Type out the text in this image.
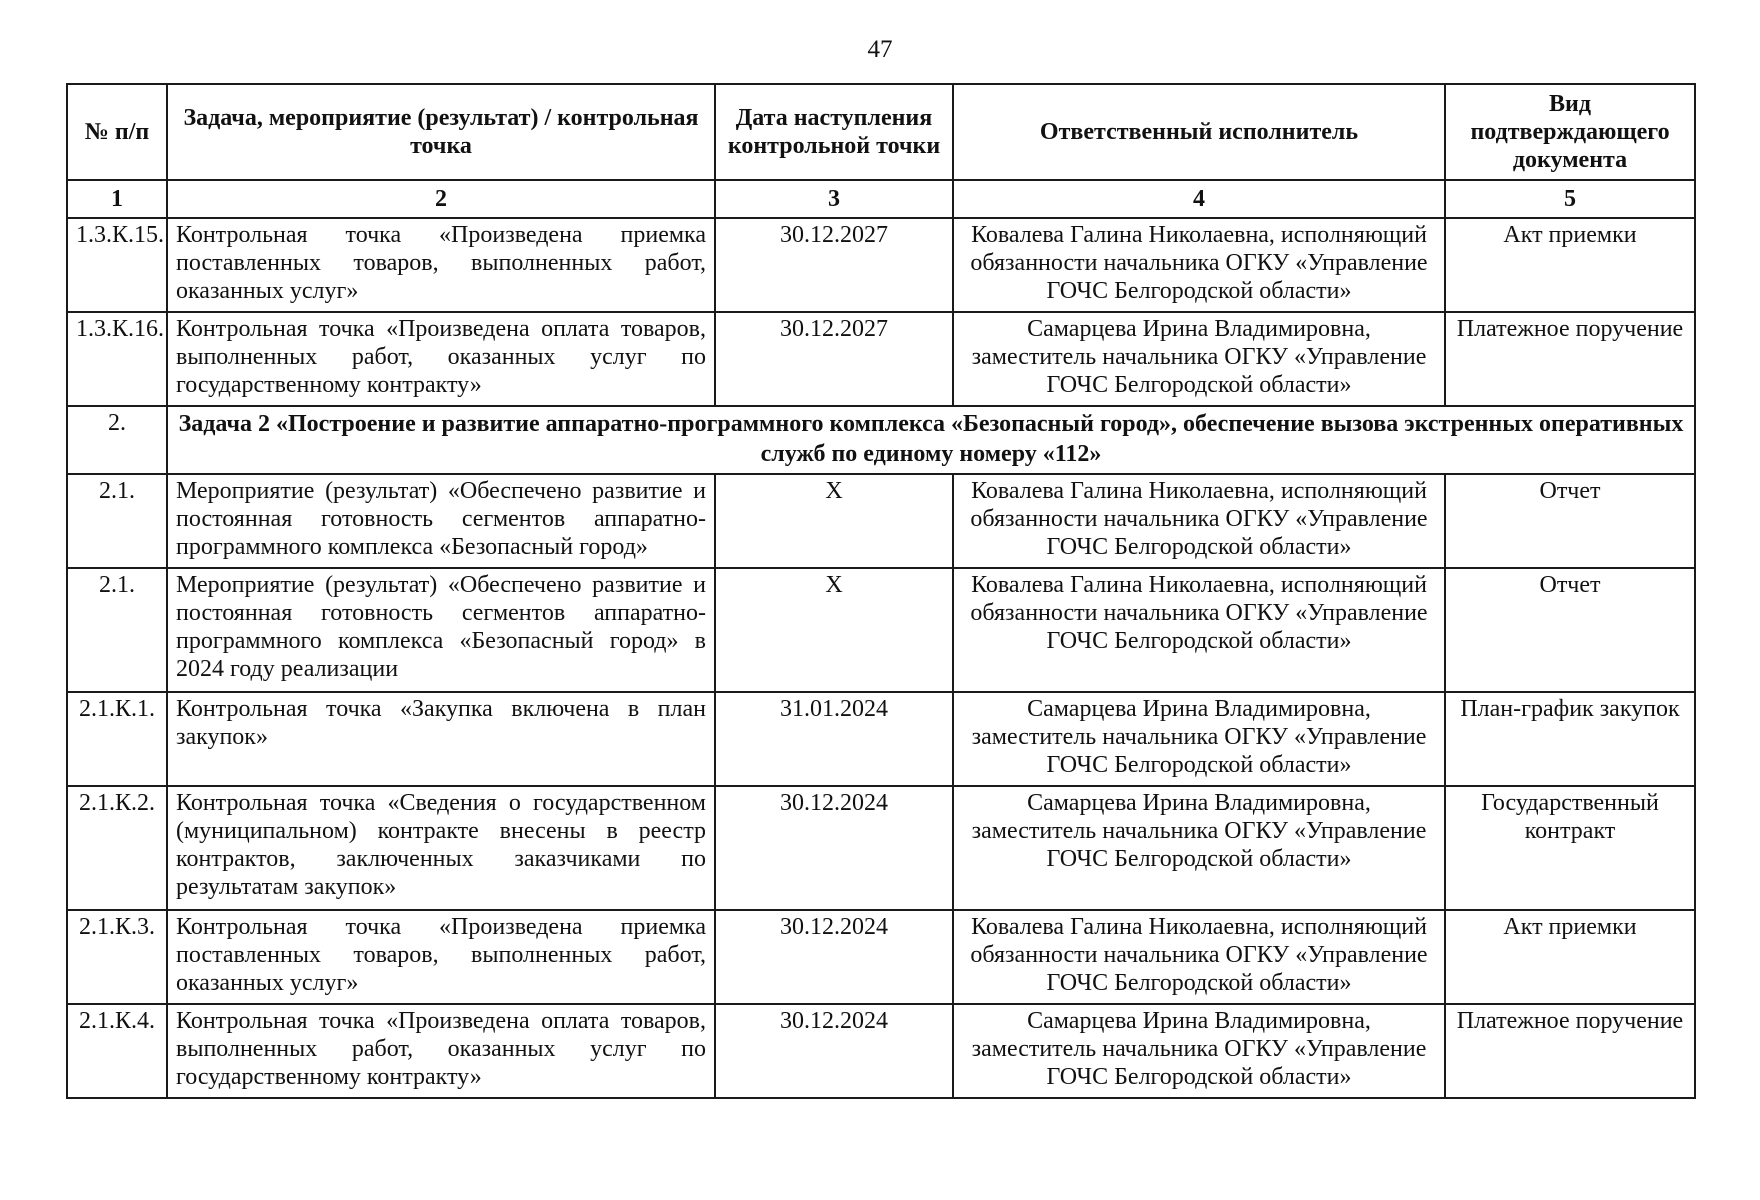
47
№ п/п	Задача, мероприятие (результат) / контрольная точка	Дата наступления контрольной точки	Ответственный исполнитель	Вид подтверждающего документа
1	2	3	4	5
1.3.К.15.	Контрольная точка «Произведена приемка поставленных товаров, выполненных работ, оказанных услуг»	30.12.2027	Ковалева Галина Николаевна, исполняющий обязанности начальника ОГКУ «Управление ГОЧС Белгородской области»	Акт приемки
1.3.К.16.	Контрольная точка «Произведена оплата товаров, выполненных работ, оказанных услуг по государственному контракту»	30.12.2027	Самарцева Ирина Владимировна, заместитель начальника ОГКУ «Управление ГОЧС Белгородской области»	Платежное поручение
2.	Задача 2 «Построение и развитие аппаратно-программного комплекса «Безопасный город», обеспечение вызова экстренных оперативных служб по единому номеру «112»			
2.1.	Мероприятие (результат) «Обеспечено развитие и постоянная готовность сегментов аппаратно-программного комплекса «Безопасный город»	X	Ковалева Галина Николаевна, исполняющий обязанности начальника ОГКУ «Управление ГОЧС Белгородской области»	Отчет
2.1.	Мероприятие (результат) «Обеспечено развитие и постоянная готовность сегментов аппаратно-программного комплекса «Безопасный город» в 2024 году реализации	X	Ковалева Галина Николаевна, исполняющий обязанности начальника ОГКУ «Управление ГОЧС Белгородской области»	Отчет
2.1.К.1.	Контрольная точка «Закупка включена в план закупок»	31.01.2024	Самарцева Ирина Владимировна, заместитель начальника ОГКУ «Управление ГОЧС Белгородской области»	План-график закупок
2.1.К.2.	Контрольная точка «Сведения о государственном (муниципальном) контракте внесены в реестр контрактов, заключенных заказчиками по результатам закупок»	30.12.2024	Самарцева Ирина Владимировна, заместитель начальника ОГКУ «Управление ГОЧС Белгородской области»	Государственный контракт
2.1.К.3.	Контрольная точка «Произведена приемка поставленных товаров, выполненных работ, оказанных услуг»	30.12.2024	Ковалева Галина Николаевна, исполняющий обязанности начальника ОГКУ «Управление ГОЧС Белгородской области»	Акт приемки
2.1.К.4.	Контрольная точка «Произведена оплата товаров, выполненных работ, оказанных услуг по государственному контракту»	30.12.2024	Самарцева Ирина Владимировна, заместитель начальника ОГКУ «Управление ГОЧС Белгородской области»	Платежное поручение
